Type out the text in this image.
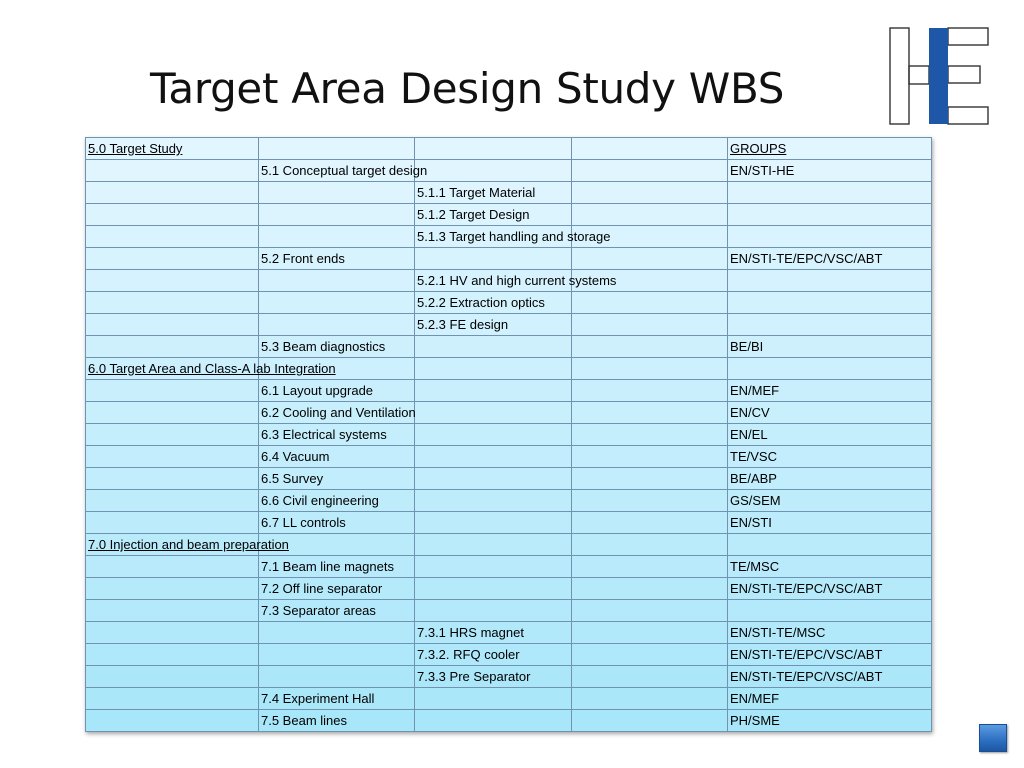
Target Area Design Study WBS
5.0 Target Study				GROUPS
	5.1 Conceptual target design			EN/STI-HE
		5.1.1 Target Material		
		5.1.2 Target Design		
		5.1.3 Target handling and storage		
	5.2 Front ends			EN/STI-TE/EPC/VSC/ABT
		5.2.1 HV and high current systems		
		5.2.2 Extraction optics		
		5.2.3 FE design		
	5.3 Beam diagnostics			BE/BI
6.0 Target Area and Class-A lab Integration				
	6.1 Layout upgrade			EN/MEF
	6.2 Cooling and Ventilation			EN/CV
	6.3 Electrical systems			EN/EL
	6.4 Vacuum			TE/VSC
	6.5 Survey			BE/ABP
	6.6 Civil engineering			GS/SEM
	6.7 LL controls			EN/STI
7.0 Injection and beam preparation				
	7.1 Beam line magnets			TE/MSC
	7.2 Off line separator			EN/STI-TE/EPC/VSC/ABT
	7.3 Separator areas			
		7.3.1 HRS magnet		EN/STI-TE/MSC
		7.3.2. RFQ cooler		EN/STI-TE/EPC/VSC/ABT
		7.3.3 Pre Separator		EN/STI-TE/EPC/VSC/ABT
	7.4 Experiment Hall			EN/MEF
	7.5 Beam lines			PH/SME
